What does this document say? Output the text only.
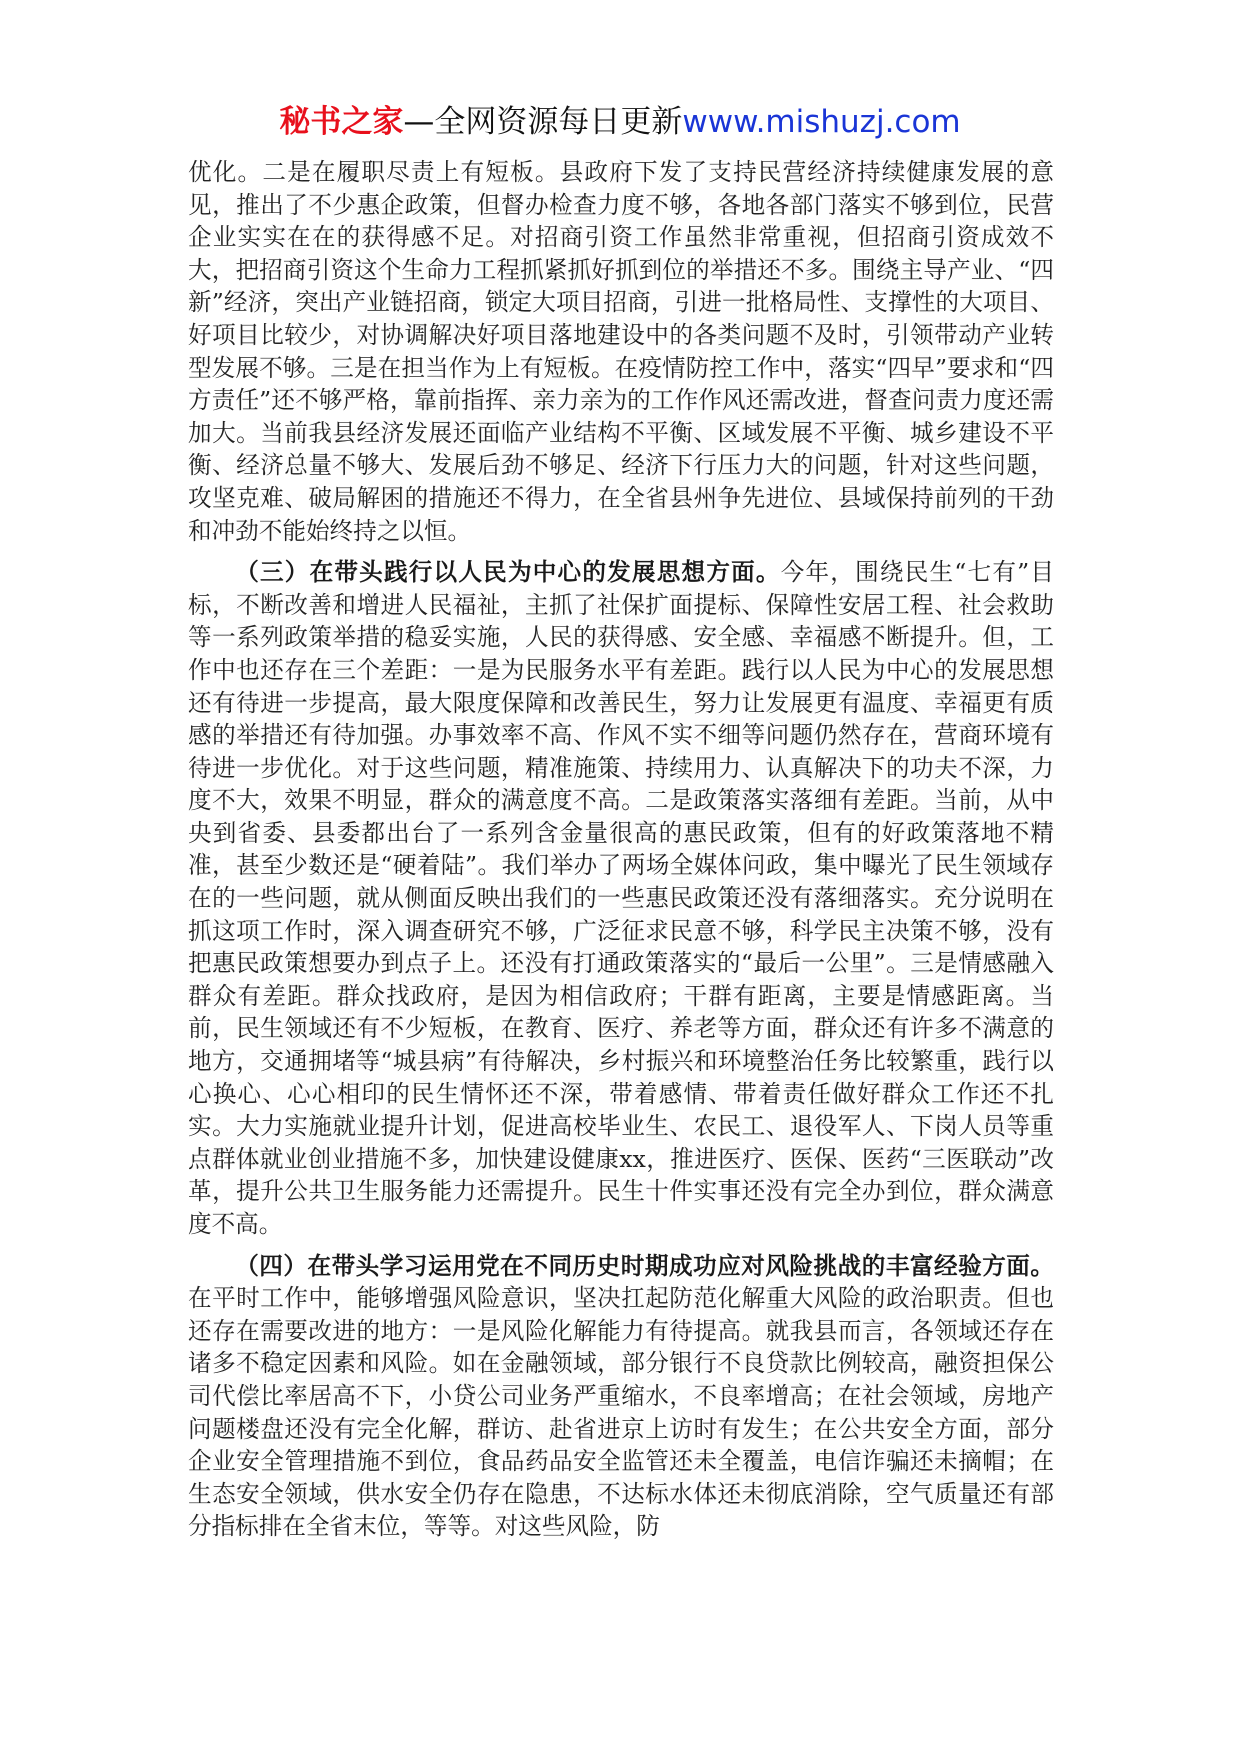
秘书之家—全网资源每日更新www.mishuzj.com

优化。二是在履职尽责上有短板。县政府下发了支持民营经济持续健康发展的意见，推出了不少惠企政策，但督办检查力度不够，各地各部门落实不够到位，民营企业实实在在的获得感不足。对招商引资工作虽然非常重视，但招商引资成效不大，把招商引资这个生命力工程抓紧抓好抓到位的举措还不多。围绕主导产业、“四新”经济，突出产业链招商，锁定大项目招商，引进一批格局性、支撑性的大项目、好项目比较少，对协调解决好项目落地建设中的各类问题不及时，引领带动产业转型发展不够。三是在担当作为上有短板。在疫情防控工作中，落实“四早”要求和“四方责任”还不够严格，靠前指挥、亲力亲为的工作作风还需改进，督查问责力度还需加大。当前我县经济发展还面临产业结构不平衡、区域发展不平衡、城乡建设不平衡、经济总量不够大、发展后劲不够足、经济下行压力大的问题，针对这些问题，攻坚克难、破局解困的措施还不得力，在全省县州争先进位、县域保持前列的干劲和冲劲不能始终持之以恒。

（三）在带头践行以人民为中心的发展思想方面。今年，围绕民生“七有”目标，不断改善和增进人民福祉，主抓了社保扩面提标、保障性安居工程、社会救助等一系列政策举措的稳妥实施，人民的获得感、安全感、幸福感不断提升。但，工作中也还存在三个差距：一是为民服务水平有差距。践行以人民为中心的发展思想还有待进一步提高，最大限度保障和改善民生，努力让发展更有温度、幸福更有质感的举措还有待加强。办事效率不高、作风不实不细等问题仍然存在，营商环境有待进一步优化。对于这些问题，精准施策、持续用力、认真解决下的功夫不深，力度不大，效果不明显，群众的满意度不高。二是政策落实落细有差距。当前，从中央到省委、县委都出台了一系列含金量很高的惠民政策，但有的好政策落地不精准，甚至少数还是“硬着陆”。我们举办了两场全媒体问政，集中曝光了民生领域存在的一些问题，就从侧面反映出我们的一些惠民政策还没有落细落实。充分说明在抓这项工作时，深入调查研究不够，广泛征求民意不够，科学民主决策不够，没有把惠民政策想要办到点子上。还没有打通政策落实的“最后一公里”。三是情感融入群众有差距。群众找政府，是因为相信政府；干群有距离，主要是情感距离。当前，民生领域还有不少短板，在教育、医疗、养老等方面，群众还有许多不满意的地方，交通拥堵等“城县病”有待解决，乡村振兴和环境整治任务比较繁重，践行以心换心、心心相印的民生情怀还不深，带着感情、带着责任做好群众工作还不扎实。大力实施就业提升计划，促进高校毕业生、农民工、退役军人、下岗人员等重点群体就业创业措施不多，加快建设健康xx，推进医疗、医保、医药“三医联动”改革，提升公共卫生服务能力还需提升。民生十件实事还没有完全办到位，群众满意度不高。

（四）在带头学习运用党在不同历史时期成功应对风险挑战的丰富经验方面。在平时工作中，能够增强风险意识，坚决扛起防范化解重大风险的政治职责。但也还存在需要改进的地方：一是风险化解能力有待提高。就我县而言，各领域还存在诸多不稳定因素和风险。如在金融领域，部分银行不良贷款比例较高，融资担保公司代偿比率居高不下，小贷公司业务严重缩水，不良率增高；在社会领域，房地产问题楼盘还没有完全化解，群访、赴省进京上访时有发生；在公共安全方面，部分企业安全管理措施不到位，食品药品安全监管还未全覆盖，电信诈骗还未摘帽；在生态安全领域，供水安全仍存在隐患，不达标水体还未彻底消除，空气质量还有部分指标排在全省末位，等等。对这些风险，防
